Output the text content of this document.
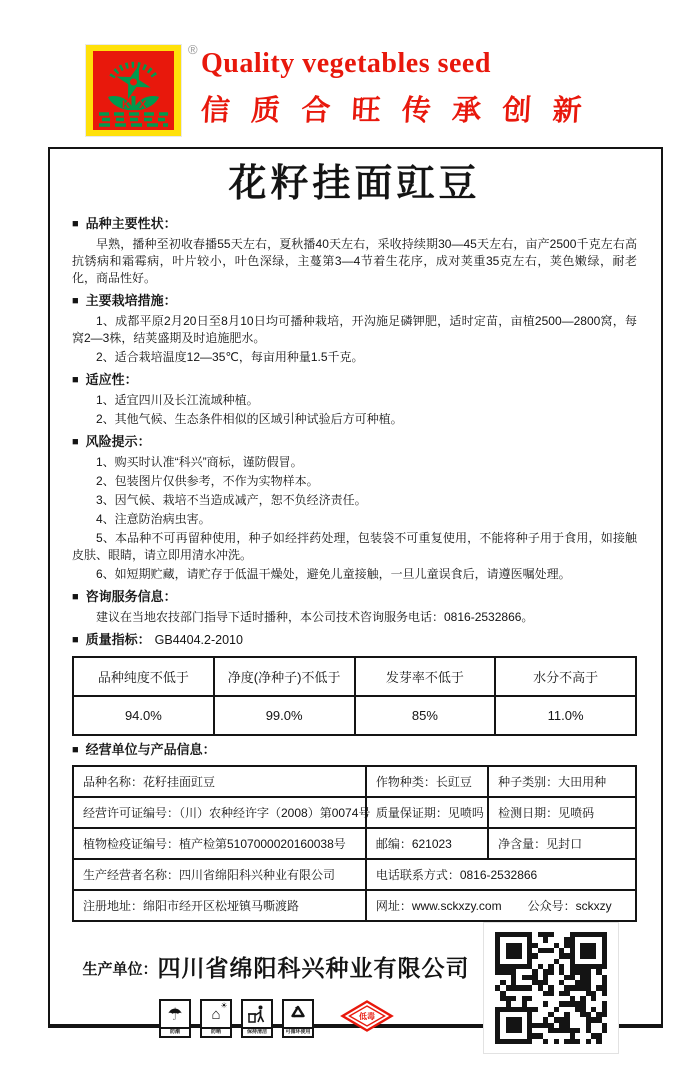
K X
® Quality vegetables seed
信 质 合 旺 传 承 创 新
花籽挂面豇豆
■ 品种主要性状：

早熟，播种至初收春播55天左右，夏秋播40天左右，采收持续期30—45天左右，亩产2500千克左右高抗锈病和霜霉病，叶片较小，叶色深绿，主蔓第3—4节着生花序，成对荚重35克左右，荚色嫩绿，耐老化，商品性好。

■ 主要栽培措施：

1、成都平原2月20日至8月10日均可播种栽培，开沟施足磷钾肥，适时定苗，亩植2500—2800窝，每窝2—3株，结荚盛期及时追施肥水。

2、适合栽培温度12—35℃，每亩用种量1.5千克。

■ 适应性：

1、适宜四川及长江流域种植。

2、其他气候、生态条件相似的区域引种试验后方可种植。

■ 风险提示：

1、购买时认准“科兴”商标，谨防假冒。

2、包装图片仅供参考，不作为实物样本。

3、因气候、栽培不当造成减产，恕不负经济责任。

4、注意防治病虫害。

5、本品种不可再留种使用，种子如经拌药处理，包装袋不可重复使用，不能将种子用于食用，如接触皮肤、眼睛，请立即用清水冲洗。

6、如短期贮藏，请贮存于低温干燥处，避免儿童接触，一旦儿童误食后，请遵医嘱处理。

■ 咨询服务信息：

建议在当地农技部门指导下适时播种，本公司技术咨询服务电话：0816-2532866。

■ 质量指标： GB4404.2-2010
品种纯度不低于	净度(净种子)不低于	发芽率不低于	水分不高于
94.0%	99.0%	85%	11.0%
■ 经营单位与产品信息：
品种名称：花籽挂面豇豆	作物种类：长豇豆	种子类别：大田用种
经营许可证编号：（川）农种经许字（2008）第0074号	质量保证期：见喷吗	检测日期：见喷码
植物检疫证编号：植产检第5107000020160038号	邮编：621023	净含量：见封口
生产经营者名称：四川省绵阳科兴种业有限公司	电话联系方式：0816-2532866	
注册地址：绵阳市经开区松垭镇马嘶渡路	网址：www.sckxzy.com 公众号：sckxzy	
生产单位：四川省绵阳科兴种业有限公司
☂
防潮
⌂
☀
防晒	保持清洁	可循环使用
低毒
